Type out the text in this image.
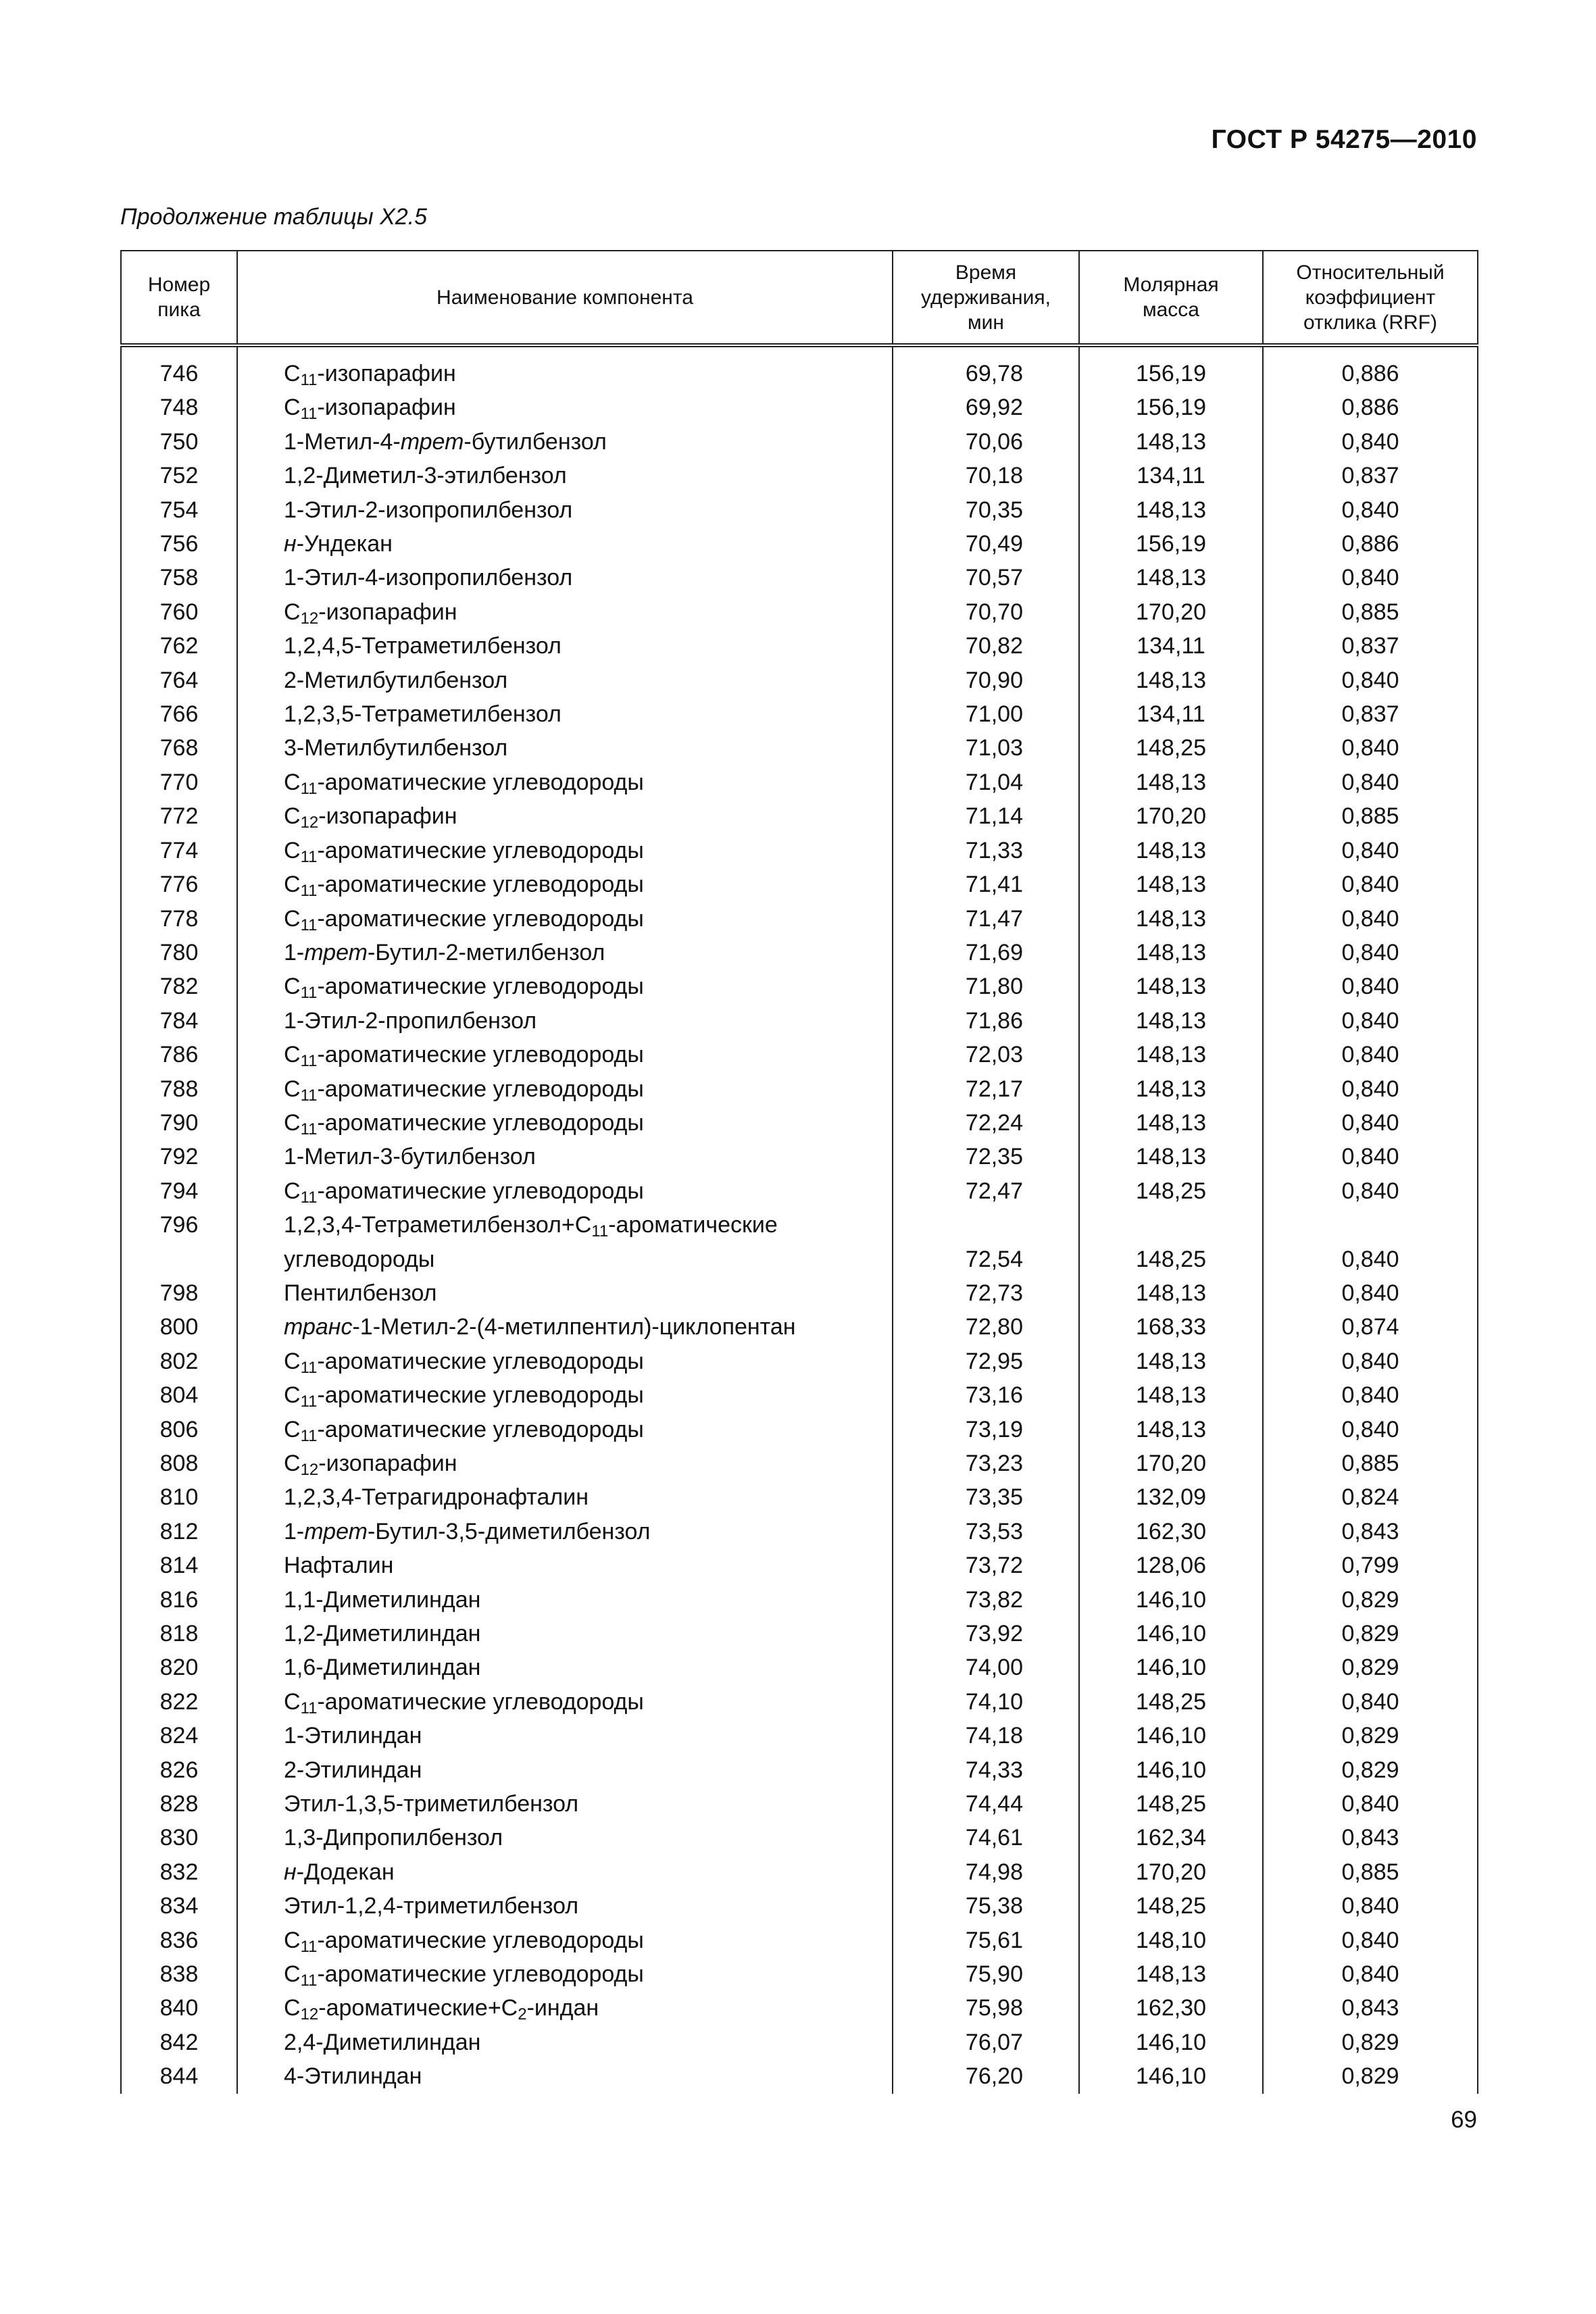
ГОСТ Р 54275—2010
Продолжение таблицы X2.5
Номер
пика	Наименование компонента	Время
удерживания,
мин	Молярная
масса	Относительный
коэффициент
отклика (RRF)
746	$C_{11}$-изопарафин	69,78	156,19	0,886
748	$C_{11}$-изопарафин	69,92	156,19	0,886
750	1-Метил-4-трет-бутилбензол	70,06	148,13	0,840
752	1,2-Диметил-3-этилбензол	70,18	134,11	0,837
754	1-Этил-2-изопропилбензол	70,35	148,13	0,840
756	н-Ундекан	70,49	156,19	0,886
758	1-Этил-4-изопропилбензол	70,57	148,13	0,840
760	$C_{12}$-изопарафин	70,70	170,20	0,885
762	1,2,4,5-Тетраметилбензол	70,82	134,11	0,837
764	2-Метилбутилбензол	70,90	148,13	0,840
766	1,2,3,5-Тетраметилбензол	71,00	134,11	0,837
768	3-Метилбутилбензол	71,03	148,25	0,840
770	$C_{11}$-ароматические углеводороды	71,04	148,13	0,840
772	$C_{12}$-изопарафин	71,14	170,20	0,885
774	$C_{11}$-ароматические углеводороды	71,33	148,13	0,840
776	$C_{11}$-ароматические углеводороды	71,41	148,13	0,840
778	$C_{11}$-ароматические углеводороды	71,47	148,13	0,840
780	1-трет-Бутил-2-метилбензол	71,69	148,13	0,840
782	$C_{11}$-ароматические углеводороды	71,80	148,13	0,840
784	1-Этил-2-пропилбензол	71,86	148,13	0,840
786	$C_{11}$-ароматические углеводороды	72,03	148,13	0,840
788	$C_{11}$-ароматические углеводороды	72,17	148,13	0,840
790	$C_{11}$-ароматические углеводороды	72,24	148,13	0,840
792	1-Метил-3-бутилбензол	72,35	148,13	0,840
794	$C_{11}$-ароматические углеводороды	72,47	148,25	0,840
796	$1,2,3,4-Тетраметилбензол+C_{11}$-ароматические
углеводороды	72,54	148,25	0,840
798	Пентилбензол	72,73	148,13	0,840
800	транс-1-Метил-2-(4-метилпентил)-циклопентан	72,80	168,33	0,874
802	$C_{11}$-ароматические углеводороды	72,95	148,13	0,840
804	$C_{11}$-ароматические углеводороды	73,16	148,13	0,840
806	$C_{11}$-ароматические углеводороды	73,19	148,13	0,840
808	$C_{12}$-изопарафин	73,23	170,20	0,885
810	1,2,3,4-Тетрагидронафталин	73,35	132,09	0,824
812	1-трет-Бутил-3,5-диметилбензол	73,53	162,30	0,843
814	Нафталин	73,72	128,06	0,799
816	1,1-Диметилиндан	73,82	146,10	0,829
818	1,2-Диметилиндан	73,92	146,10	0,829
820	1,6-Диметилиндан	74,00	146,10	0,829
822	$C_{11}$-ароматические углеводороды	74,10	148,25	0,840
824	1-Этилиндан	74,18	146,10	0,829
826	2-Этилиндан	74,33	146,10	0,829
828	Этил-1,3,5-триметилбензол	74,44	148,25	0,840
830	1,3-Дипропилбензол	74,61	162,34	0,843
832	н-Додекан	74,98	170,20	0,885
834	Этил-1,2,4-триметилбензол	75,38	148,25	0,840
836	$C_{11}$-ароматические углеводороды	75,61	148,10	0,840
838	$C_{11}$-ароматические углеводороды	75,90	148,13	0,840
840	$C_{12}-ароматические+C_2$-индан	75,98	162,30	0,843
842	2,4-Диметилиндан	76,07	146,10	0,829
844	4-Этилиндан	76,20	146,10	0,829
69
